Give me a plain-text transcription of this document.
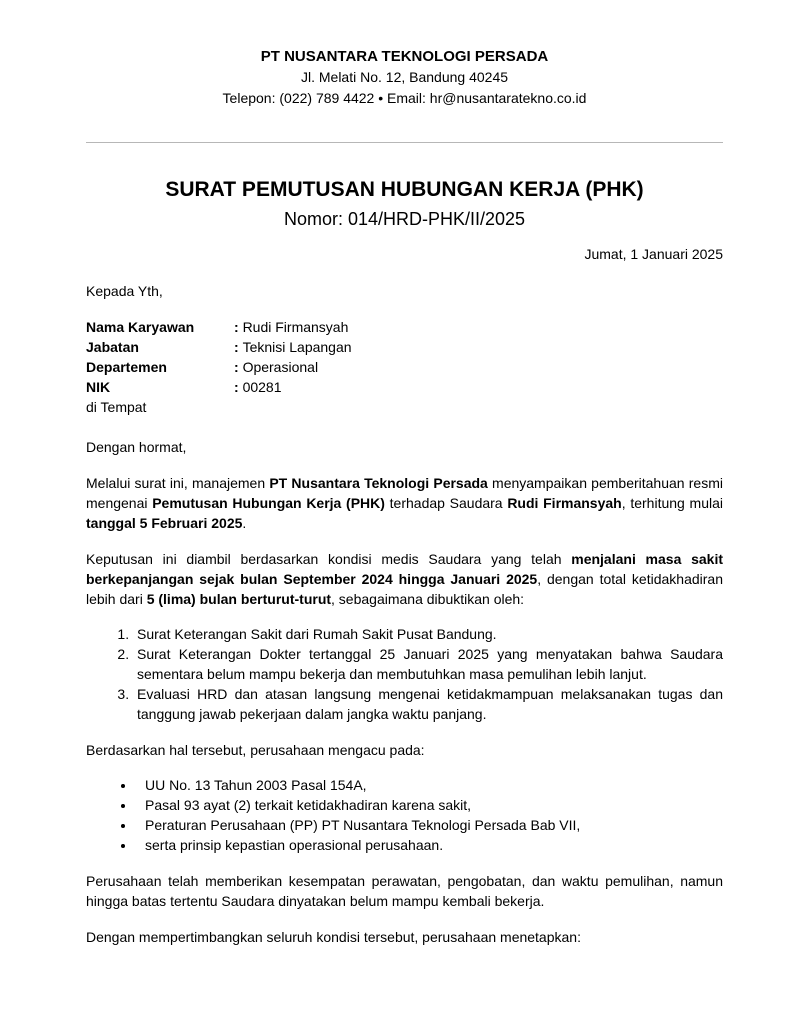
PT NUSANTARA TEKNOLOGI PERSADA
Jl. Melati No. 12, Bandung 40245
Telepon: (022) 789 4422 • Email: hr@nusantaratekno.co.id
SURAT PEMUTUSAN HUBUNGAN KERJA (PHK)
Nomor: 014/HRD-PHK/II/2025
Jumat, 1 Januari 2025
Kepada Yth,
Nama Karyawan	: Rudi Firmansyah
Jabatan	: Teknisi Lapangan
Departemen	: Operasional
NIK	: 00281
di Tempat
Dengan hormat,

Melalui surat ini, manajemen PT Nusantara Teknologi Persada menyampaikan pemberitahuan resmi mengenai Pemutusan Hubungan Kerja (PHK) terhadap Saudara Rudi Firmansyah, terhitung mulai tanggal 5 Februari 2025.

Keputusan ini diambil berdasarkan kondisi medis Saudara yang telah menjalani masa sakit berkepanjangan sejak bulan September 2024 hingga Januari 2025, dengan total ketidakhadiran lebih dari 5 (lima) bulan berturut-turut, sebagaimana dibuktikan oleh:

1. Surat Keterangan Sakit dari Rumah Sakit Pusat Bandung.
2. Surat Keterangan Dokter tertanggal 25 Januari 2025 yang menyatakan bahwa Saudara sementara belum mampu bekerja dan membutuhkan masa pemulihan lebih lanjut.
3. Evaluasi HRD dan atasan langsung mengenai ketidakmampuan melaksanakan tugas dan tanggung jawab pekerjaan dalam jangka waktu panjang.

Berdasarkan hal tersebut, perusahaan mengacu pada:

• UU No. 13 Tahun 2003 Pasal 154A,
• Pasal 93 ayat (2) terkait ketidakhadiran karena sakit,
• Peraturan Perusahaan (PP) PT Nusantara Teknologi Persada Bab VII,
• serta prinsip kepastian operasional perusahaan.

Perusahaan telah memberikan kesempatan perawatan, pengobatan, dan waktu pemulihan, namun hingga batas tertentu Saudara dinyatakan belum mampu kembali bekerja.

Dengan mempertimbangkan seluruh kondisi tersebut, perusahaan menetapkan:
